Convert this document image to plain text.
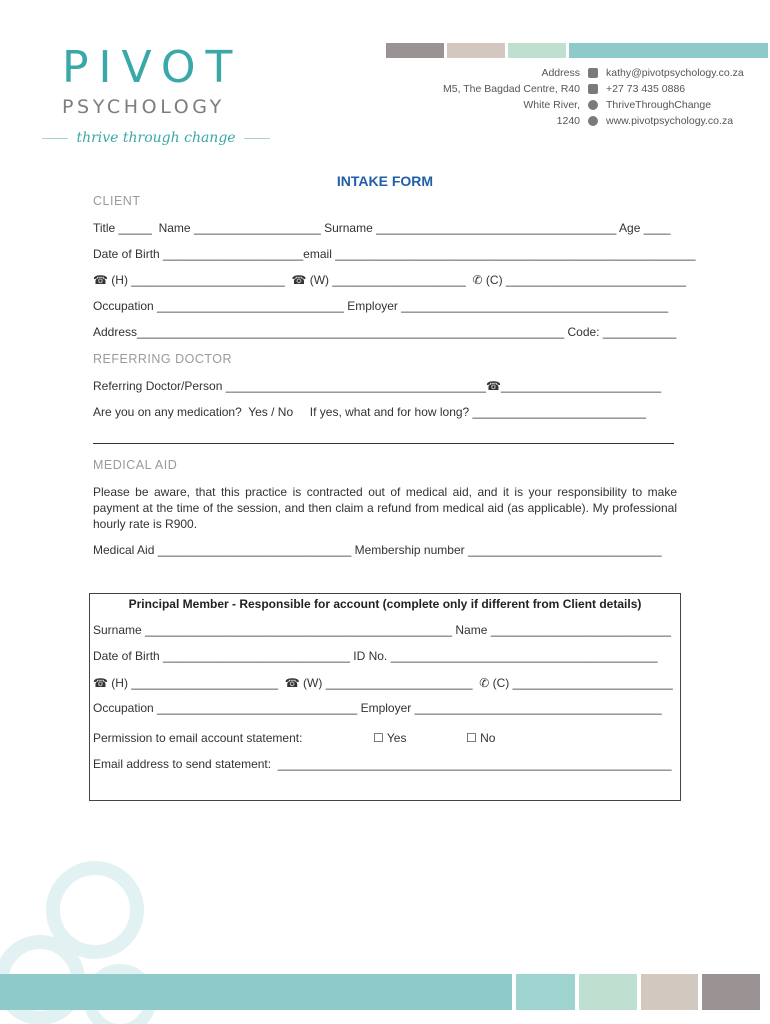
PIVOT
PSYCHOLOGY
thrive through change
Address
M5, The Bagdad Centre, R40
White River,
1240
kathy@pivotpsychology.co.za
+27 73 435 0886
ThriveThroughChange
www.pivotpsychology.co.za
INTAKE FORM
CLIENT
Title _____  Name ___________________ Surname ____________________________________ Age ____
Date of Birth _____________________email ______________________________________________________
☎ (H) _______________________  ☎ (W) ____________________  ✆ (C) ___________________________
Occupation ____________________________ Employer ________________________________________
Address________________________________________________________________ Code: ___________
REFERRING DOCTOR
Referring Doctor/Person _______________________________________☎________________________
Are you on any medication?  Yes / No     If yes, what and for how long? __________________________
MEDICAL AID
Please be aware, that this practice is contracted out of medical aid, and it is your responsibility to make payment at the time of the session, and then claim a refund from medical aid (as applicable). My professional hourly rate is R900.
Medical Aid _____________________________ Membership number _____________________________
Principal Member - Responsible for account (complete only if different from Client details)
Surname ______________________________________________ Name ___________________________
Date of Birth ____________________________ ID No. ________________________________________
☎ (H) ______________________  ☎ (W) ______________________  ✆ (C) ________________________
Occupation ______________________________ Employer _____________________________________
Permission to email account statement:	☐ Yes	☐ No
Email address to send statement:  ___________________________________________________________
